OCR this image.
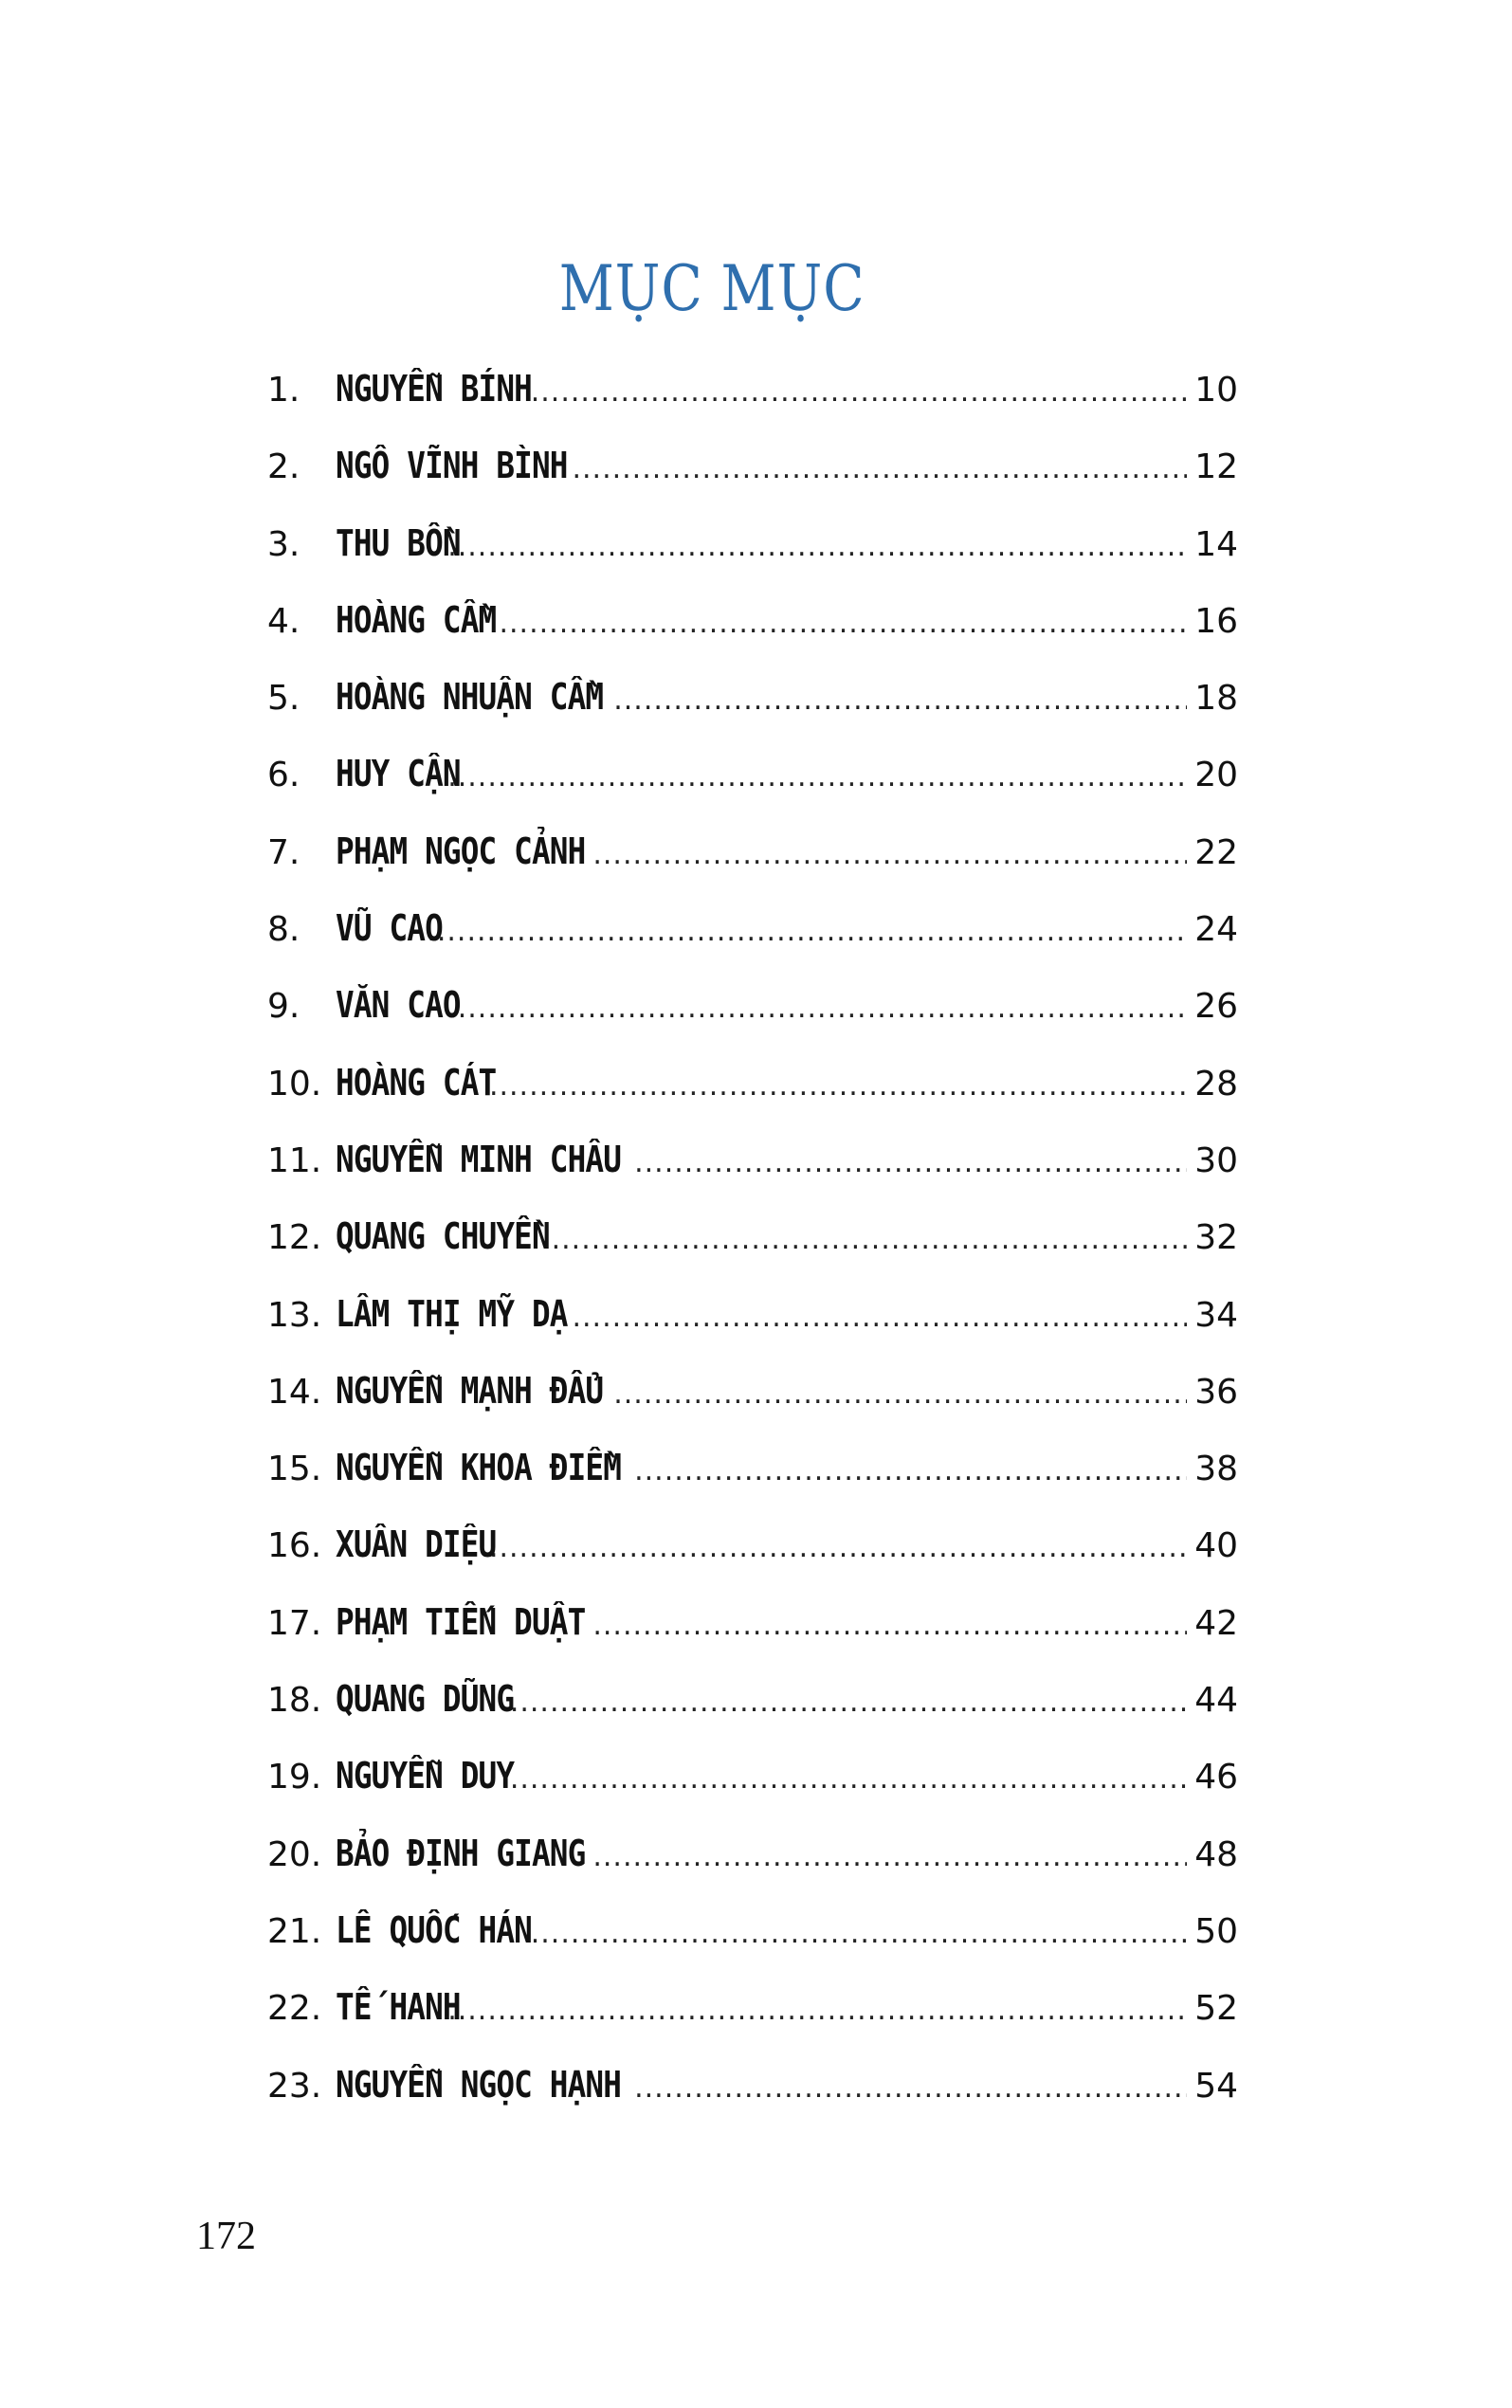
MỤC MỤC
1. NGUYỄN BÍNH .....	10
2. NGÔ VĨNH BÌNH .....	12
3. THU BỒN .....	14
4. HOÀNG CẦM .....	16
5. HOÀNG NHUẬN CẦM .....	18
6. HUY CẬN .....	20
7. PHẠM NGỌC CẢNH .....	22
8. VŨ CAO .....	24
9. VĂN CAO .....	26
10. HOÀNG CÁT .....	28
11. NGUYỄN MINH CHÂU .....	30
12. QUANG CHUYỀN .....	32
13. LÂM THỊ MỸ DẠ .....	34
14. NGUYỄN MẠNH ĐẨU .....	36
15. NGUYỄN KHOA ĐIỀM .....	38
16. XUÂN DIỆU .....	40
17. PHẠM TIẾN DUẬT .....	42
18. QUANG DŨNG .....	44
19. NGUYỄN DUY .....	46
20. BẢO ĐỊNH GIANG .....	48
21. LÊ QUỐC HÁN .....	50
22. TẾ HANH .....	52
23. NGUYỄN NGỌC HẠNH .....	54
172
